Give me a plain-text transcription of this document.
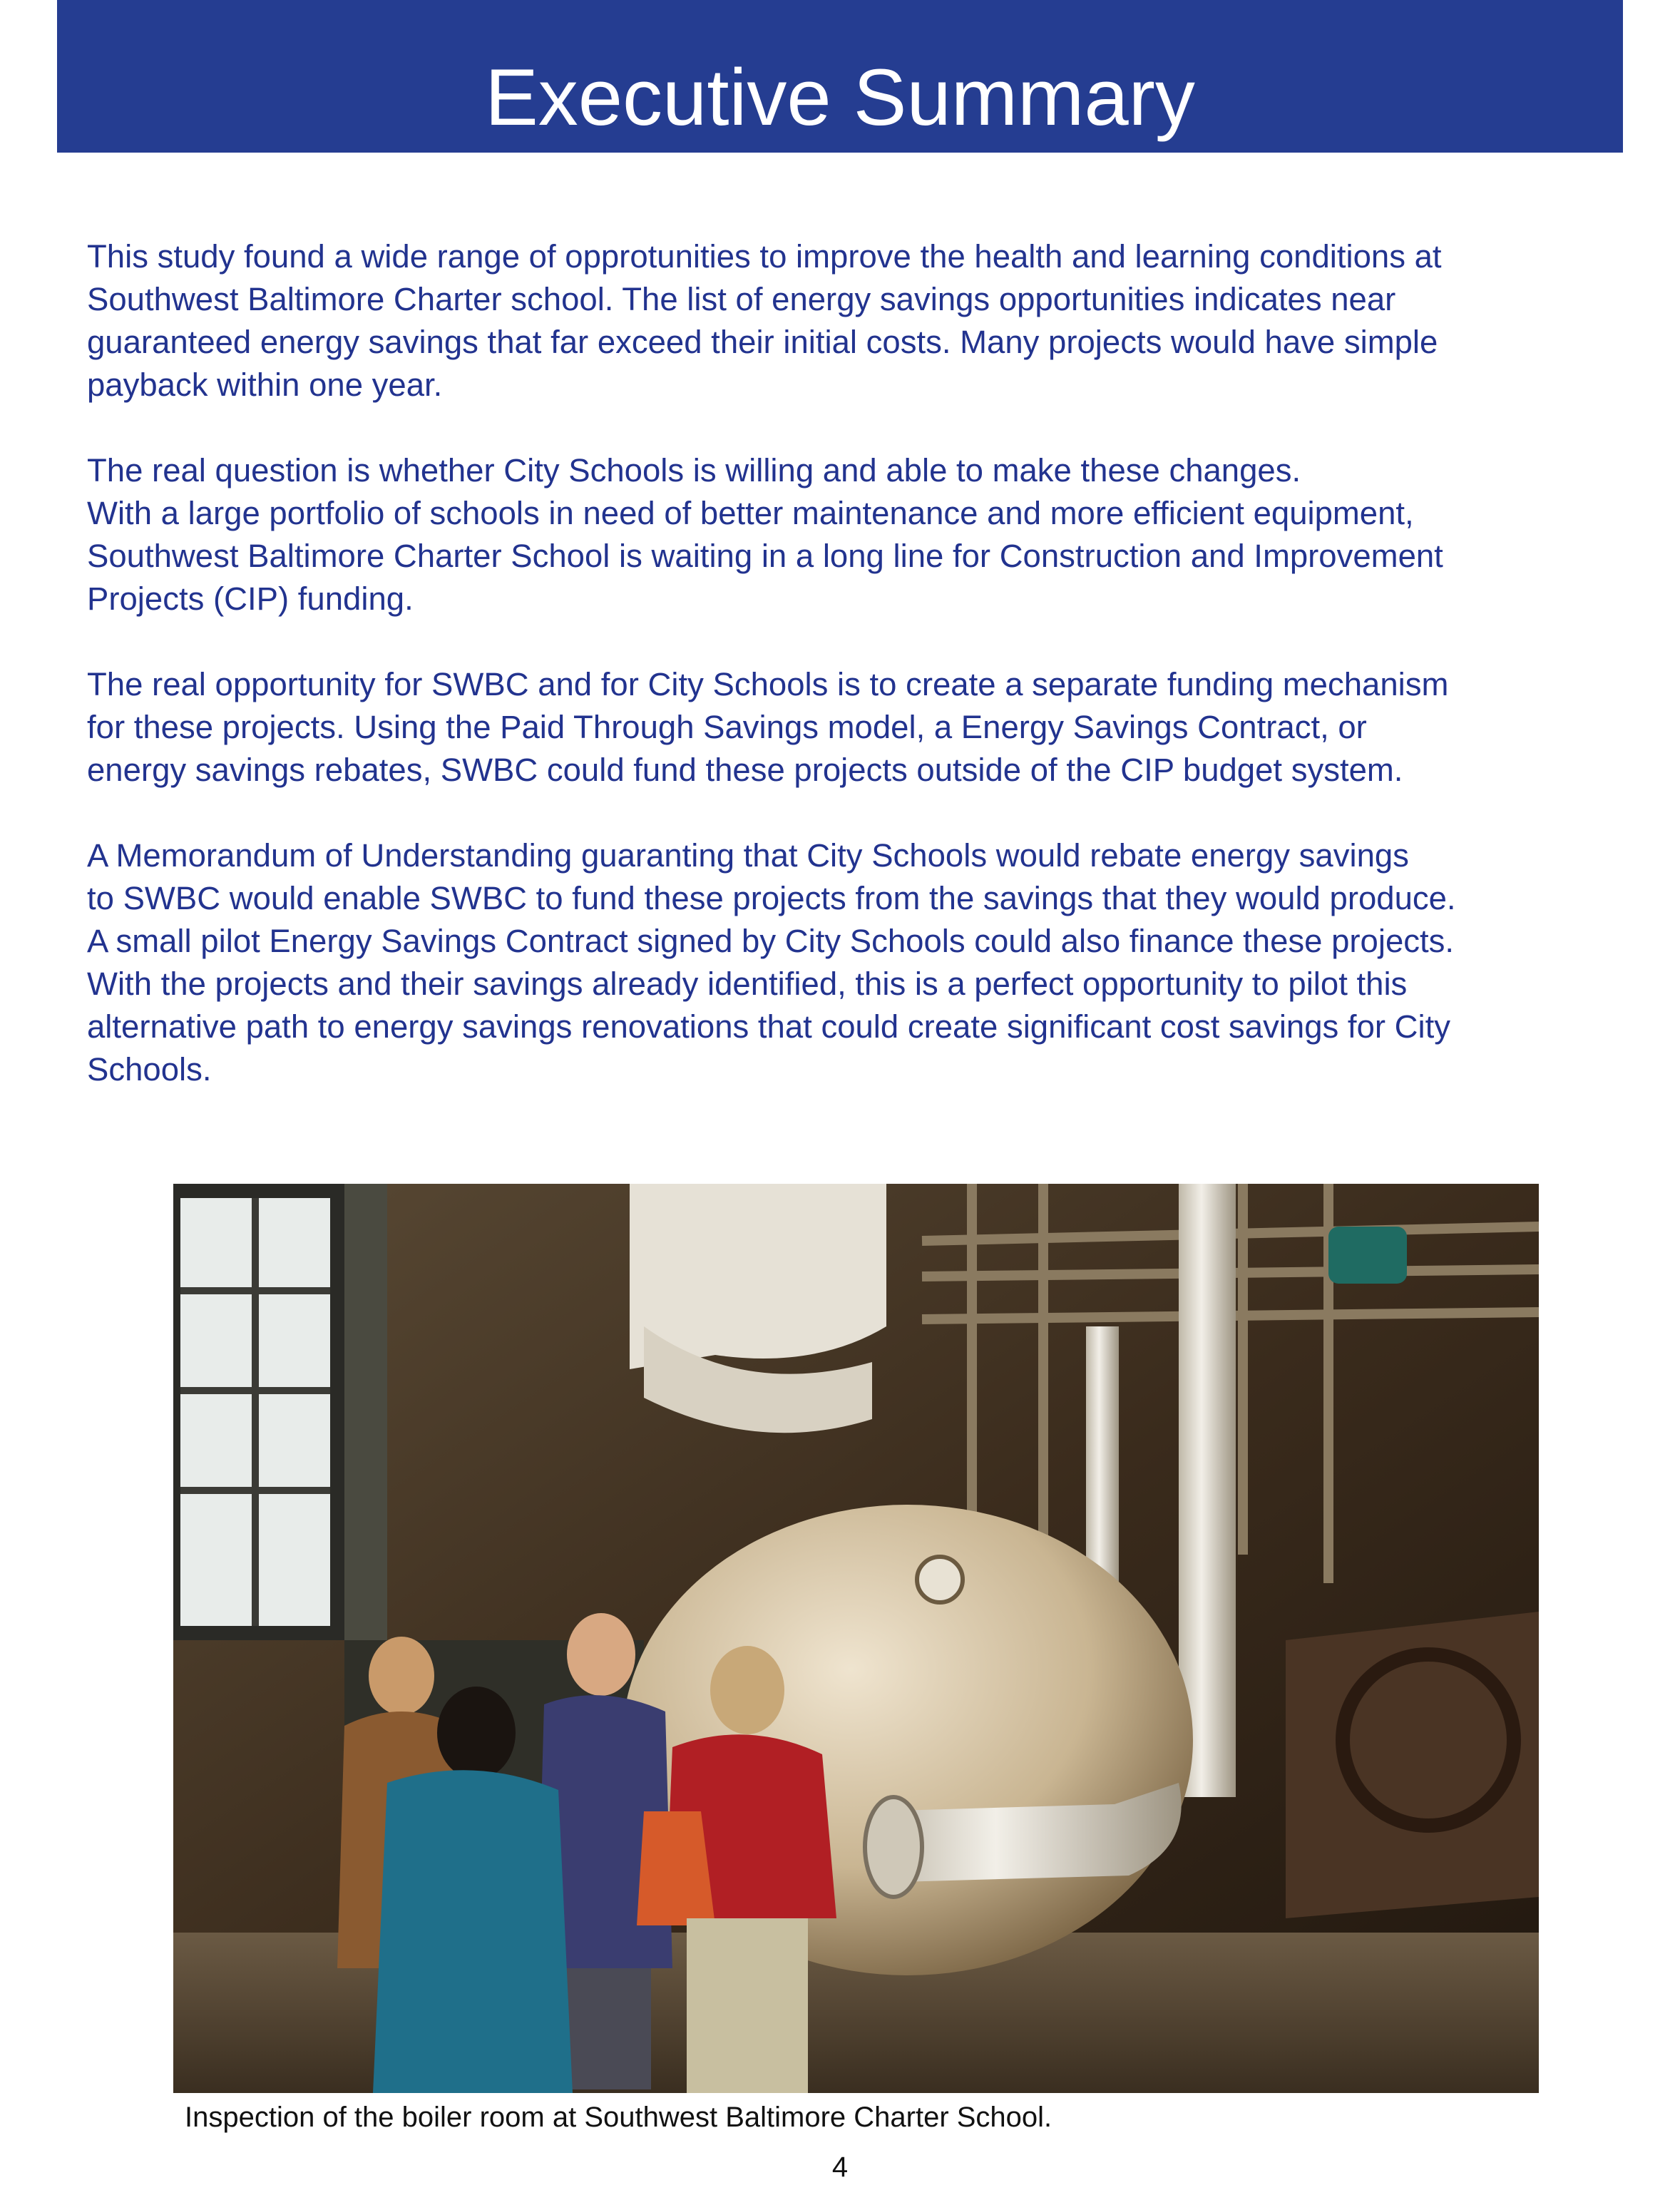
Executive Summary

This study found a wide range of opprotunities to improve the health and learning conditions at
Southwest Baltimore Charter school. The list of energy savings opportunities indicates near
guaranteed energy savings that far exceed their initial costs. Many projects would have simple
payback within one year.

The real question is whether City Schools is willing and able to make these changes.
With a large portfolio of schools in need of better maintenance and more efficient equipment,
Southwest Baltimore Charter School is waiting in a long line for Construction and Improvement
Projects (CIP) funding.

The real opportunity for SWBC and for City Schools is to create a separate funding mechanism
for these projects. Using the Paid Through Savings model, a Energy Savings Contract, or
energy savings rebates, SWBC could fund these projects outside of the CIP budget system.

A Memorandum of Understanding guaranting that City Schools would rebate energy savings
to SWBC would enable SWBC to fund these projects from the savings that they would produce.
A small pilot Energy Savings Contract signed by City Schools could also finance these projects.
With the projects and their savings already identified, this is a perfect opportunity to pilot this
alternative path to energy savings renovations that could create significant cost savings for City
Schools.

Inspection of the boiler room at Southwest Baltimore Charter School.
4
